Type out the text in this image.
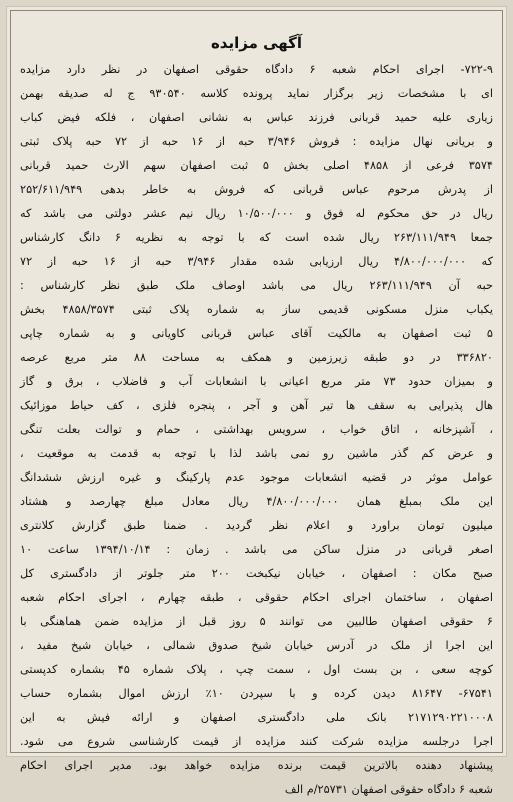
آگهی مزایده
۷۲۲-۹- اجرای احکام شعبه ۶ دادگاه حقوقی اصفهان در نظر دارد مزایده
ای با مشخصات زیر برگزار نماید پرونده کلاسه ۹۳۰۵۴۰ ج له صدیقه بهمن
زیاری علیه حمید قربانی فرزند عباس به نشانی اصفهان ، فلکه فیض کباب
و بریانی نهال مزایده : فروش ۳/۹۴۶ حبه از ۱۶ حبه از ۷۲ حبه پلاک ثبتی
۳۵۷۴ فرعی از ۴۸۵۸ اصلی بخش ۵ ثبت اصفهان سهم الارث حمید قربانی
از پدرش مرحوم عباس قربانی که فروش به خاطر بدهی ۲۵۲/۶۱۱/۹۴۹
ریال در حق محکوم له فوق و ۱۰/۵۰۰/۰۰۰ ریال نیم عشر دولتی می باشد که
جمعا ۲۶۳/۱۱۱/۹۴۹ ریال شده است که با توجه به نظریه ۶ دانگ کارشناس
که ۴/۸۰۰/۰۰۰/۰۰۰ ریال ارزیابی شده مقدار ۳/۹۴۶ حبه از ۱۶ حبه از ۷۲
حبه آن ۲۶۳/۱۱۱/۹۴۹ ریال می باشد اوصاف ملک طبق نظر کارشناس :
یکباب منزل مسکونی قدیمی ساز به شماره پلاک ثبتی ۴۸۵۸/۳۵۷۴ بخش
۵ ثبت اصفهان به مالکیت آقای عباس قربانی کاویانی و به شماره چاپی
۳۳۶۸۲۰ در دو طبقه زیرزمین و همکف به مساحت ۸۸ متر مربع عرصه
و بمیزان حدود ۷۳ متر مربع اعیانی با انشعابات آب و فاضلاب ، برق و گاز
هال پذیرایی به سقف ها تیر آهن و آجر ، پنجره فلزی ، کف حیاط موزائیک
، آشپزخانه ، اتاق خواب ، سرویس بهداشتی ، حمام و توالت بعلت تنگی
و عرض کم گذر ماشین رو نمی باشد لذا با توجه به قدمت به موقعیت ،
عوامل موثر در قضیه انشعابات موجود عدم پارکینگ و غیره ارزش ششدانگ
این ملک بمبلغ همان ۴/۸۰۰/۰۰۰/۰۰۰ ریال معادل مبلغ چهارصد و هشتاد
میلیون تومان براورد و اعلام نظر گردید . ضمنا طبق گزارش کلانتری
اصغر قربانی در منزل ساکن می باشد . زمان : ۱۳۹۴/۱۰/۱۴ ساعت ۱۰
صبح مکان : اصفهان ، خیابان نیکبخت ۲۰۰ متر جلوتر از دادگستری کل
اصفهان ، ساختمان اجرای احکام حقوقی ، طبقه چهارم ، اجرای احکام شعبه
۶ حقوقی اصفهان طالبین می توانند ۵ روز قبل از مزایده ضمن هماهنگی با
این اجرا از ملک در آدرس خیابان شیخ صدوق شمالی ، خیابان شیخ مفید ،
کوچه سعی ، بن بست اول ، سمت چپ ، پلاک شماره ۴۵ بشماره کدپستی
۶۷۵۴۱- ۸۱۶۴۷ دیدن کرده و با سپردن ۱۰٪ ارزش اموال بشماره حساب
۲۱۷۱۲۹۰۲۲۱۰۰۰۸ بانک ملی دادگستری اصفهان و ارائه فیش به این
اجرا درجلسه مزایده شرکت کنند مزایده از قیمت کارشناسی شروع می شود.
پیشنهاد دهنده بالاترین قیمت برنده مزایده خواهد بود. مدیر اجرای احکام
شعبه ۶ دادگاه حقوقی اصفهان ۲۵۷۳۱/م الف
